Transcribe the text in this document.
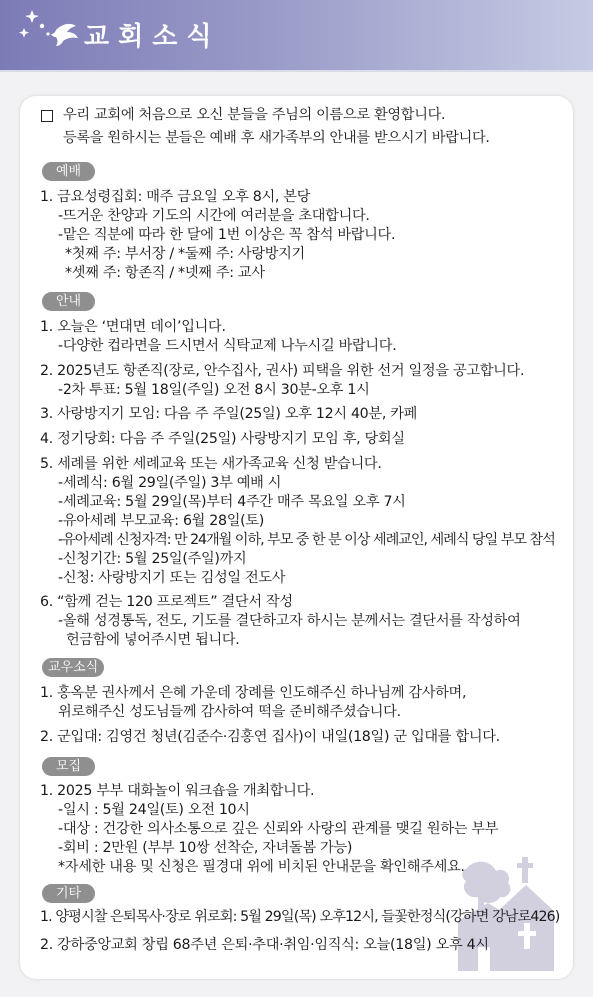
교회소식
우리 교회에 처음으로 오신 분들을 주님의 이름으로 환영합니다.
등록을 원하시는 분들은 예배 후 새가족부의 안내를 받으시기 바랍니다.
예배
1. 금요성령집회: 매주 금요일 오후 8시, 본당
-뜨거운 찬양과 기도의 시간에 여러분을 초대합니다.
-맡은 직분에 따라 한 달에 1번 이상은 꼭 참석 바랍니다.
*첫째 주: 부서장 / *둘째 주: 사랑방지기
*셋째 주: 항존직 / *넷째 주: 교사
안내
1. 오늘은 ‘면대면 데이’입니다.
-다양한 컵라면을 드시면서 식탁교제 나누시길 바랍니다.
2. 2025년도 항존직(장로, 안수집사, 권사) 피택을 위한 선거 일정을 공고합니다.
-2차 투표: 5월 18일(주일) 오전 8시 30분-오후 1시
3. 사랑방지기 모임: 다음 주 주일(25일) 오후 12시 40분, 카페
4. 정기당회: 다음 주 주일(25일) 사랑방지기 모임 후, 당회실
5. 세례를 위한 세례교육 또는 새가족교육 신청 받습니다.
-세례식: 6월 29일(주일) 3부 예배 시
-세례교육: 5월 29일(목)부터 4주간 매주 목요일 오후 7시
-유아세례 부모교육: 6월 28일(토)
-유아세례 신청자격: 만 24개월 이하, 부모 중 한 분 이상 세례교인, 세례식 당일 부모 참석
-신청기간: 5월 25일(주일)까지
-신청: 사랑방지기 또는 김성일 전도사
6. “함께 걷는 120 프로젝트” 결단서 작성
-올해 성경통독, 전도, 기도를 결단하고자 하시는 분께서는 결단서를 작성하여
헌금함에 넣어주시면 됩니다.
교우소식
1. 홍옥분 권사께서 은혜 가운데 장례를 인도해주신 하나님께 감사하며,
위로해주신 성도님들께 감사하여 떡을 준비해주셨습니다.
2. 군입대: 김영건 청년(김준수·김홍연 집사)이 내일(18일) 군 입대를 합니다.
모집
1. 2025 부부 대화놀이 워크숍을 개최합니다.
-일시 : 5월 24일(토) 오전 10시
-대상 : 건강한 의사소통으로 깊은 신뢰와 사랑의 관계를 맺길 원하는 부부
-회비 : 2만원 (부부 10쌍 선착순, 자녀돌봄 가능)
*자세한 내용 및 신청은 필경대 위에 비치된 안내문을 확인해주세요.
기타
1. 양평시찰 은퇴목사·장로 위로회: 5월 29일(목) 오후12시, 들꽃한정식(강하면 강남로426)
2. 강하중앙교회 창립 68주년 은퇴·추대·취임·임직식: 오늘(18일) 오후 4시
